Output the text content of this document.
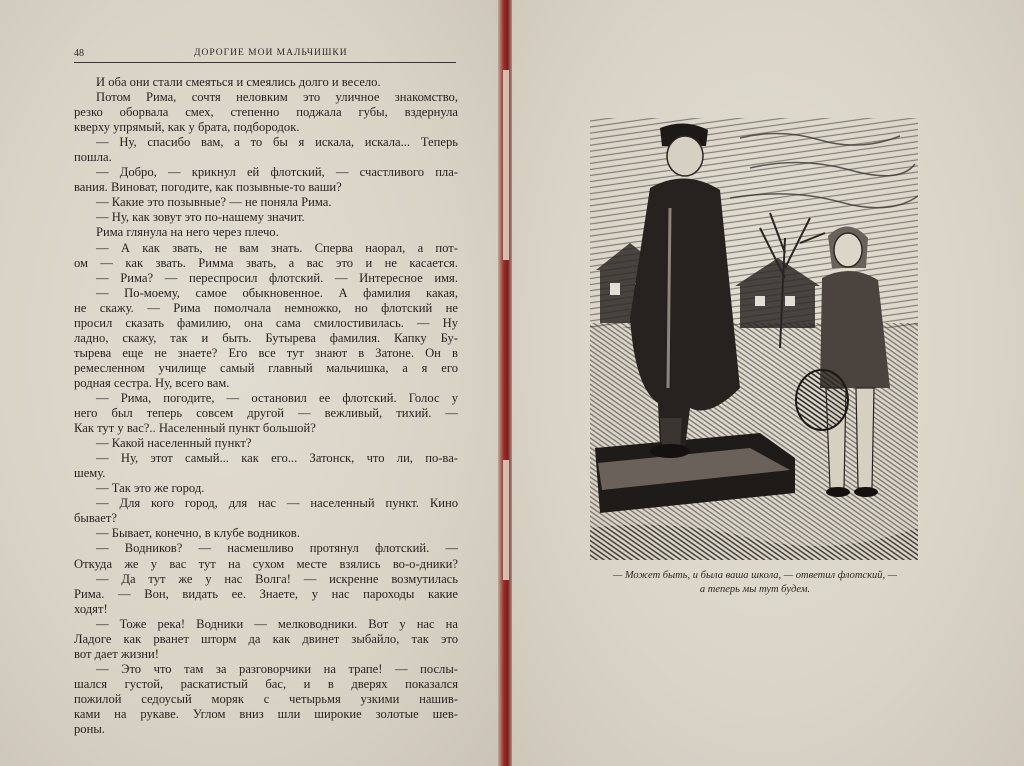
48	ДОРОГИЕ МОИ МАЛЬЧИШКИ
И оба они стали смеяться и смеялись долго и весело.
Потом Рима, сочтя неловким это уличное знакомство,
резко оборвала смех, степенно поджала губы, вздернула
кверху упрямый, как у брата, подбородок.
— Ну, спасибо вам, а то бы я искала, искала... Теперь
пошла.
— Добро, — крикнул ей флотский, — счастливого пла-
вания. Виноват, погодите, как позывные-то ваши?
— Какие это позывные? — не поняла Рима.
— Ну, как зовут это по-нашему значит.
Рима глянула на него через плечо.
— А как звать, не вам знать. Сперва наорал, а пот-
ом — как звать. Римма звать, а вас это и не касается.
— Рима? — переспросил флотский. — Интересное имя.
— По-моему, самое обыкновенное. А фамилия какая,
не скажу. — Рима помолчала немножко, но флотский не
просил сказать фамилию, она сама смилостивилась. — Ну
ладно, скажу, так и быть. Бутырева фамилия. Капку Бу-
тырева еще не знаете? Его все тут знают в Затоне. Он в
ремесленном училище самый главный мальчишка, а я его
родная сестра. Ну, всего вам.
— Рима, погодите, — остановил ее флотский. Голос у
него был теперь совсем другой — вежливый, тихий. —
Как тут у вас?.. Населенный пункт большой?
— Какой населенный пункт?
— Ну, этот самый... как его... Затонск, что ли, по-ва-
шему.
— Так это же город.
— Для кого город, для нас — населенный пункт. Кино
бывает?
— Бывает, конечно, в клубе водников.
— Водников? — насмешливо протянул флотский. —
Откуда же у вас тут на сухом месте взялись во-о-дники?
— Да тут же у нас Волга! — искренне возмутилась
Рима. — Вон, видать ее. Знаете, у нас пароходы какие
ходят!
— Тоже река! Водники — мелководники. Вот у нас на
Ладоге как рванет шторм да как двинет зыбайло, так это
вот дает жизни!
— Это что там за разговорчики на трапе! — послы-
шался густой, раскатистый бас, и в дверях показался
пожилой седоусый моряк с четырьмя узкими нашив-
ками на рукаве. Углом вниз шли широкие золотые шев-
роны.
— Может быть, и была ваша школа, — ответил флотский, —
а теперь мы тут будем.
